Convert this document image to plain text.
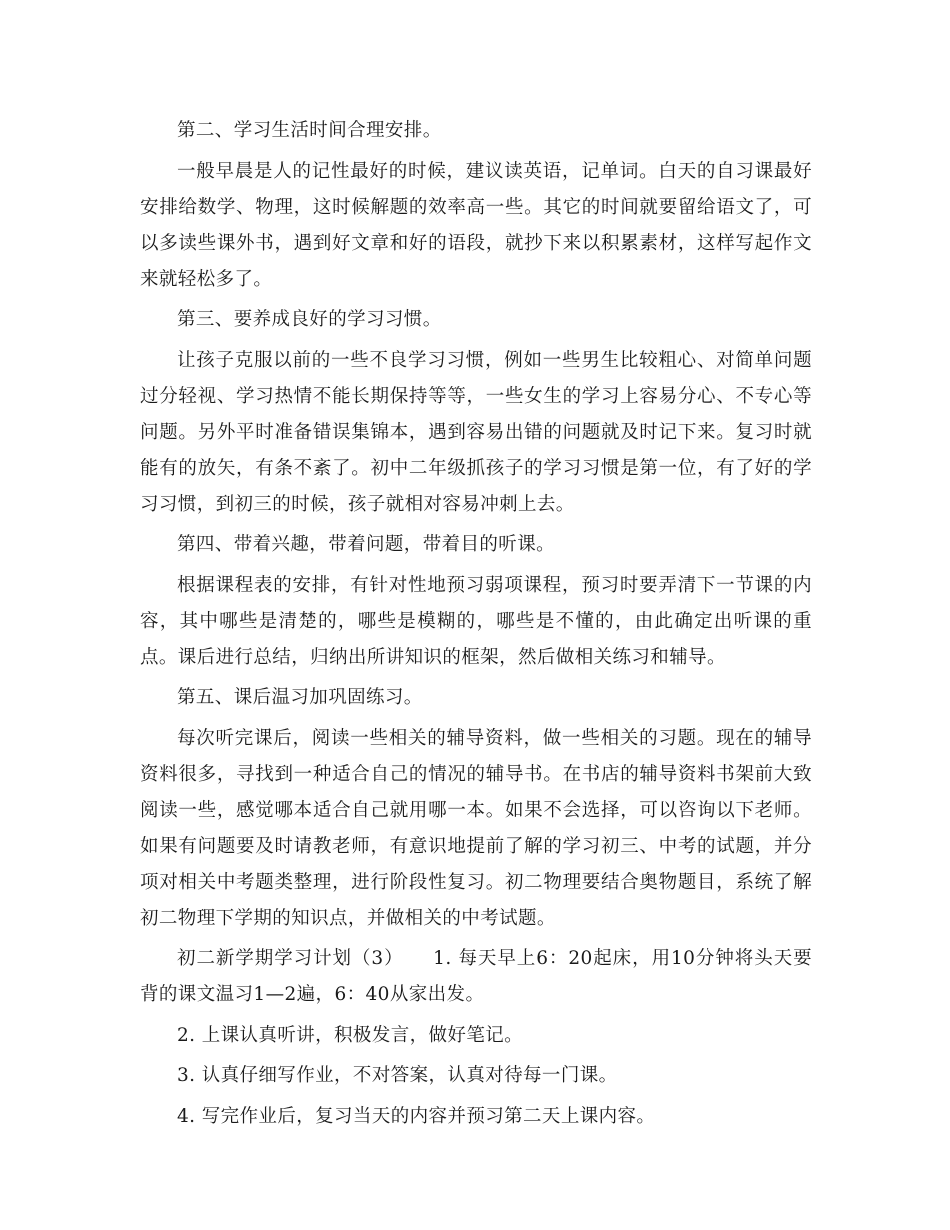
第二、学习生活时间合理安排。

一般早晨是人的记性最好的时候，建议读英语，记单词。白天的自习课最好安排给数学、物理，这时候解题的效率高一些。其它的时间就要留给语文了，可以多读些课外书，遇到好文章和好的语段，就抄下来以积累素材，这样写起作文来就轻松多了。

第三、要养成良好的学习习惯。

让孩子克服以前的一些不良学习习惯，例如一些男生比较粗心、对简单问题过分轻视、学习热情不能长期保持等等，一些女生的学习上容易分心、不专心等问题。另外平时准备错误集锦本，遇到容易出错的问题就及时记下来。复习时就能有的放矢，有条不紊了。初中二年级抓孩子的学习习惯是第一位，有了好的学习习惯，到初三的时候，孩子就相对容易冲刺上去。

第四、带着兴趣，带着问题，带着目的听课。

根据课程表的安排，有针对性地预习弱项课程，预习时要弄清下一节课的内容，其中哪些是清楚的，哪些是模糊的，哪些是不懂的，由此确定出听课的重点。课后进行总结，归纳出所讲知识的框架，然后做相关练习和辅导。

第五、课后温习加巩固练习。

每次听完课后，阅读一些相关的辅导资料，做一些相关的习题。现在的辅导资料很多，寻找到一种适合自己的情况的辅导书。在书店的辅导资料书架前大致阅读一些，感觉哪本适合自己就用哪一本。如果不会选择，可以咨询以下老师。如果有问题要及时请教老师，有意识地提前了解的学习初三、中考的试题，并分项对相关中考题类整理，进行阶段性复习。初二物理要结合奥物题目，系统了解初二物理下学期的知识点，并做相关的中考试题。

初二新学期学习计划（3）　　1. 每天早上6：20起床，用10分钟将头天要背的课文温习1—2遍，6：40从家出发。

2. 上课认真听讲，积极发言，做好笔记。

3. 认真仔细写作业，不对答案，认真对待每一门课。

4. 写完作业后，复习当天的内容并预习第二天上课内容。
